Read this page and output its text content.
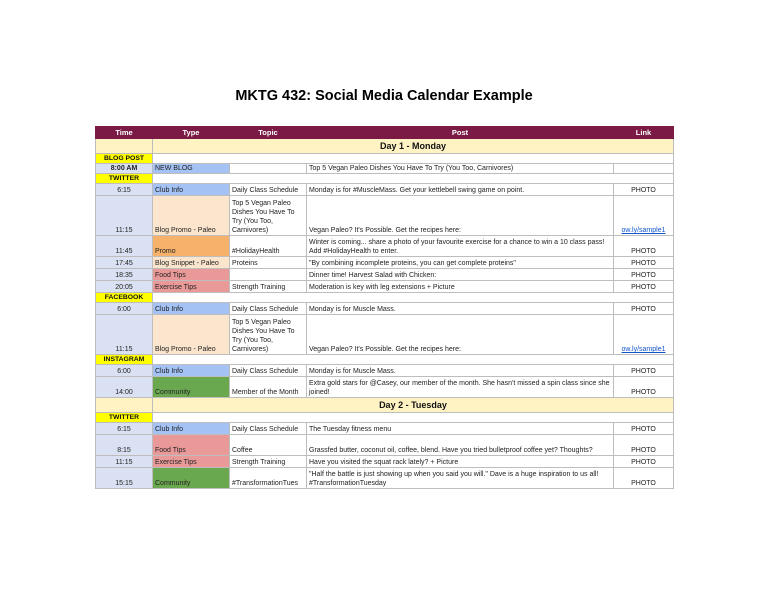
MKTG 432: Social Media Calendar Example
Time	Type	Topic	Post	Link
	Day 1 - Monday			
BLOG POST				
8:00 AM	NEW BLOG		Top 5 Vegan Paleo Dishes You Have To Try (You Too, Carnivores)	
TWITTER				
6:15	Club Info	Daily Class Schedule	Monday is for #MuscleMass. Get your kettlebell swing game on point.	PHOTO
11:15	Blog Promo - Paleo	Top 5 Vegan Paleo Dishes You Have To Try (You Too, Carnivores)	Vegan Paleo? It's Possible. Get the recipes here:	ow.ly/sample1
11:45	Promo	#HolidayHealth	Winter is coming... share a photo of your favourite exercise for a chance to win a 10 class pass! Add #HolidayHealth to enter.	PHOTO
17:45	Blog Snippet - Paleo	Proteins	"By combining incomplete proteins, you can get complete proteins"	PHOTO
18:35	Food Tips		Dinner time! Harvest Salad with Chicken:	PHOTO
20:05	Exercise Tips	Strength Training	Moderation is key with leg extensions + Picture	PHOTO
FACEBOOK				
6:00	Club Info	Daily Class Schedule	Monday is for Muscle Mass.	PHOTO
11:15	Blog Promo - Paleo	Top 5 Vegan Paleo Dishes You Have To Try (You Too, Carnivores)	Vegan Paleo? It's Possible. Get the recipes here:	ow.ly/sample1
INSTAGRAM				
6:00	Club Info	Daily Class Schedule	Monday is for Muscle Mass.	PHOTO
14:00	Community	Member of the Month	Extra gold stars for @Casey, our member of the month. She hasn't missed a spin class since she joined!	PHOTO
	Day 2 - Tuesday			
TWITTER				
6:15	Club Info	Daily Class Schedule	The Tuesday fitness menu	PHOTO
8:15	Food Tips	Coffee	Grassfed butter, coconut oil, coffee, blend. Have you tried bulletproof coffee yet? Thoughts?	PHOTO
11:15	Exercise Tips	Strength Training	Have you visited the squat rack lately? + Picture	PHOTO
15:15	Community	#TransformationTues	"Half the battle is just showing up when you said you will." Dave is a huge inspiration to us all! #TransformationTuesday	PHOTO
